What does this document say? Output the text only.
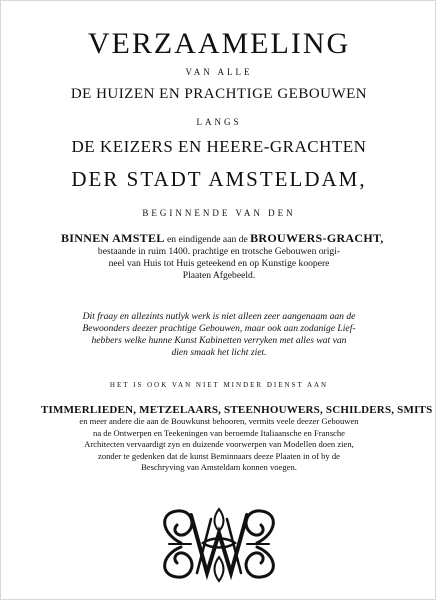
VERZAAMELING

VAN ALLE

DE HUIZEN EN PRACHTIGE GEBOUWEN

LANGS

DE KEIZERS EN HEERE-GRACHTEN

DER STADT AMSTELDAM,

BEGINNENDE VAN DEN

BINNEN AMSTEL en eindigende aan de BROUWERS-GRACHT,
bestaande in ruim 1400. prachtige en trotsche Gebouwen origi-
neel van Huis tot Huis geteekend en op Kunstige koopere
Plaaten Afgebeeld.
Dit fraay en allezints nutlyk werk is niet alleen zeer aangenaam aan de
Bewoonders deezer prachtige Gebouwen, maar ook aan zodanige Lief-
hebbers welke hunne Kunst Kabinetten verryken met alles wat van
dien smaak het licht ziet.

HET IS OOK VAN NIET MINDER DIENST AAN

TIMMERLIEDEN, METZELAARS, STEENHOUWERS, SCHILDERS, SMITS
en meer andere die aan de Bouwkunst behooren, vermits veele deezer Gebouwen
na de Ontwerpen en Teekeningen van beroemde Italiaansche en Fransche
Architecten vervaardigt zyn en duizende voorwerpen van Modellen doen zien,
zonder te gedenken dat de kunst Beminnaars deeze Plaaten in of by de
Beschryving van Amsteldam konnen voegen.
